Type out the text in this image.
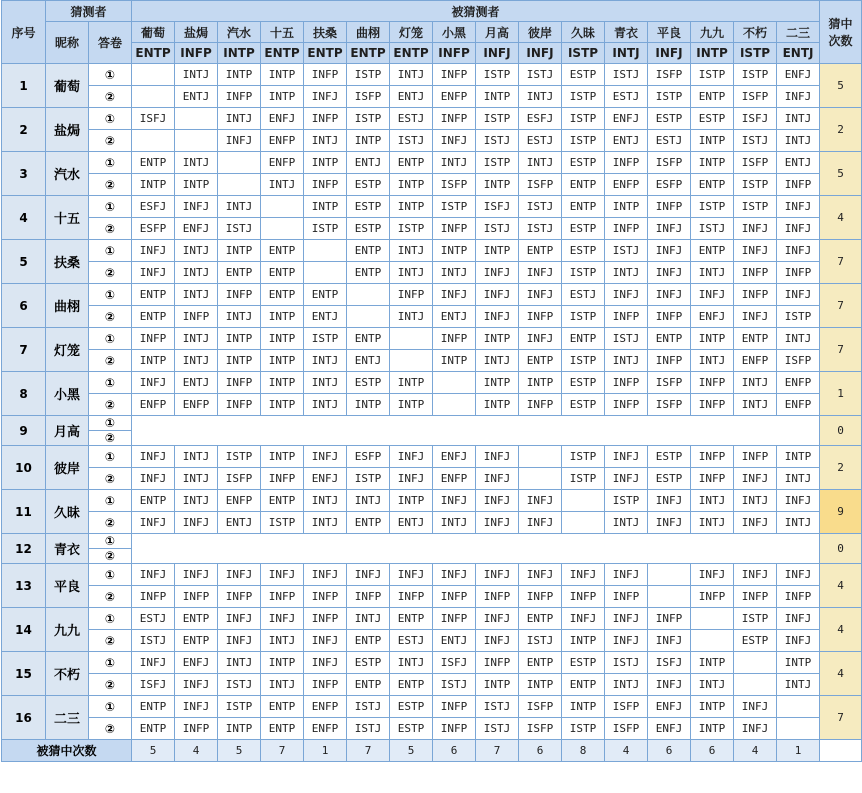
序号	猜测者		被猜测者																猜中
次数
	昵称	答卷	葡萄	盐焗	汽水	十五	扶桑	曲栩	灯笼	小黑	月高	彼岸	久昧	青衣	平良	九九	不朽	二三	
			ENTP	INFP	INTP	ENTP	ENTP	ENTP	ENTP	INFP	INFJ	INFJ	ISTP	INTJ	INFJ	INTP	ISTP	ENTJ	
1	葡萄	①		INTJ	INTP	INTP	INFP	ISTP	INTJ	INFP	ISTP	ISTJ	ESTP	ISTJ	ISFP	ISTP	ISTP	ENFJ	5
		②		ENTJ	INFP	INTP	INFJ	ISFP	ENTJ	ENFP	INTP	INTJ	ISTP	ESTJ	ISTP	ENTP	ISFP	INFJ	
2	盐焗	①	ISFJ		INTJ	ENFJ	INFP	ISTP	ESTJ	INFP	ISTP	ESFJ	ISTP	ENFJ	ESTP	ESTP	ISFJ	INTJ	2
		②			INFJ	ENFP	INTJ	INTP	ISTJ	INFJ	ISTJ	ESTJ	ISTP	ENTJ	ESTJ	INTP	ISTJ	INTJ	
3	汽水	①	ENTP	INTJ		ENFP	INTP	ENTJ	ENTP	INTJ	ISTP	INTJ	ESTP	INFP	ISFP	INTP	ISFP	ENTJ	5
		②	INTP	INTP		INTJ	INFP	ESTP	INTP	ISFP	INTP	ISFP	ENTP	ENFP	ESFP	ENTP	ISTP	INFP	
4	十五	①	ESFJ	INFJ	INTJ		INTP	ESTP	INTP	ISTP	ISFJ	ISTJ	ENTP	INTP	INFP	ISTP	ISTP	INFJ	4
		②	ESFP	ENFJ	ISTJ		ISTP	ESTP	ISTP	INFP	ISTJ	ISTJ	ESTP	INFP	INFJ	ISTJ	INFJ	INFJ	
5	扶桑	①	INFJ	INTJ	INTP	ENTP		ENTP	INTJ	INTP	INTP	ENTP	ESTP	ISTJ	INFJ	ENTP	INFJ	INFJ	7
		②	INFJ	INTJ	ENTP	ENTP		ENTP	INTJ	INTJ	INFJ	INFJ	ISTP	INTJ	INFJ	INTJ	INFP	INFP	
6	曲栩	①	ENTP	INTJ	INFP	ENTP	ENTP		INFP	INFJ	INFJ	INFJ	ESTJ	INFJ	INFJ	INFJ	INFP	INFJ	7
		②	ENTP	INFP	INTJ	INTP	ENTJ		INTJ	ENTJ	INFJ	INFP	ISTP	INFP	INFP	ENFJ	INFJ	ISTP	
7	灯笼	①	INFP	INTJ	INTP	INTP	ISTP	ENTP		INFP	INTP	INFJ	ENTP	ISTJ	ENTP	INTP	ENTP	INTJ	7
		②	INTP	INTJ	INTP	INTP	INTJ	ENTJ		INTP	INTJ	ENTP	ISTP	INTJ	INFP	INTJ	ENFP	ISFP	
8	小黑	①	INFJ	ENTJ	INFP	INTP	INTJ	ESTP	INTP		INTP	INTP	ESTP	INFP	ISFP	INFP	INTJ	ENFP	1
		②	ENFP	ENFP	INFP	INTP	INTJ	INTP	INTP		INTP	INFP	ESTP	INFP	ISFP	INFP	INTJ	ENFP	
9	月高	①																	0
		②																	
10	彼岸	①	INFJ	INTJ	ISTP	INTP	INFJ	ESFP	INFJ	ENFJ	INFJ		ISTP	INFJ	ESTP	INFP	INFP	INTP	2
		②	INFJ	INTJ	ISFP	INFP	ENFJ	ISTP	INFJ	ENFP	INFJ		ISTP	INFJ	ESTP	INFP	INFJ	INTJ	
11	久昧	①	ENTP	INTJ	ENFP	ENTP	INTJ	INTJ	INTP	INFJ	INFJ	INFJ		ISTP	INFJ	INTJ	INTJ	INFJ	9
		②	INFJ	INFJ	ENTJ	ISTP	INTJ	ENTP	ENTJ	INTJ	INFJ	INFJ		INTJ	INFJ	INTJ	INFJ	INTJ	
12	青衣	①																	0
		②																	
13	平良	①	INFJ	INFJ	INFJ	INFJ	INFJ	INFJ	INFJ	INFJ	INFJ	INFJ	INFJ	INFJ		INFJ	INFJ	INFJ	4
		②	INFP	INFP	INFP	INFP	INFP	INFP	INFP	INFP	INFP	INFP	INFP	INFP		INFP	INFP	INFP	
14	九九	①	ESTJ	ENTP	INFJ	INFJ	INFP	INTJ	ENTP	INFP	INFJ	ENTP	INFJ	INFJ	INFP		ISTP	INFJ	4
		②	ISTJ	ENTP	INFJ	INTJ	INFJ	ENTP	ESTJ	ENTJ	INFJ	ISTJ	INTP	INFJ	INFJ		ESTP	INFJ	
15	不朽	①	INFJ	ENFJ	INTJ	INTP	INFJ	ESTP	INTJ	ISFJ	INFP	ENTP	ESTP	ISTJ	ISFJ	INTP		INTP	4
		②	ISFJ	INFJ	ISTJ	INTJ	INFP	ENTP	ENTP	ISTJ	INTP	INTP	ENTP	INTJ	INFJ	INTJ		INTJ	
16	二三	①	ENTP	INFJ	ISTP	ENTP	ENFP	ISTJ	ESTP	INFP	ISTJ	ISFP	INTP	ISFP	ENFJ	INTP	INFJ		7
		②	ENTP	INFP	INTP	ENTP	ENFP	ISTJ	ESTP	INFP	ISTJ	ISFP	ISTP	ISFP	ENFJ	INTP	INFJ		
被猜中次数			5	4	5	7	1	7	5	6	7	6	8	4	6	6	4	1	
